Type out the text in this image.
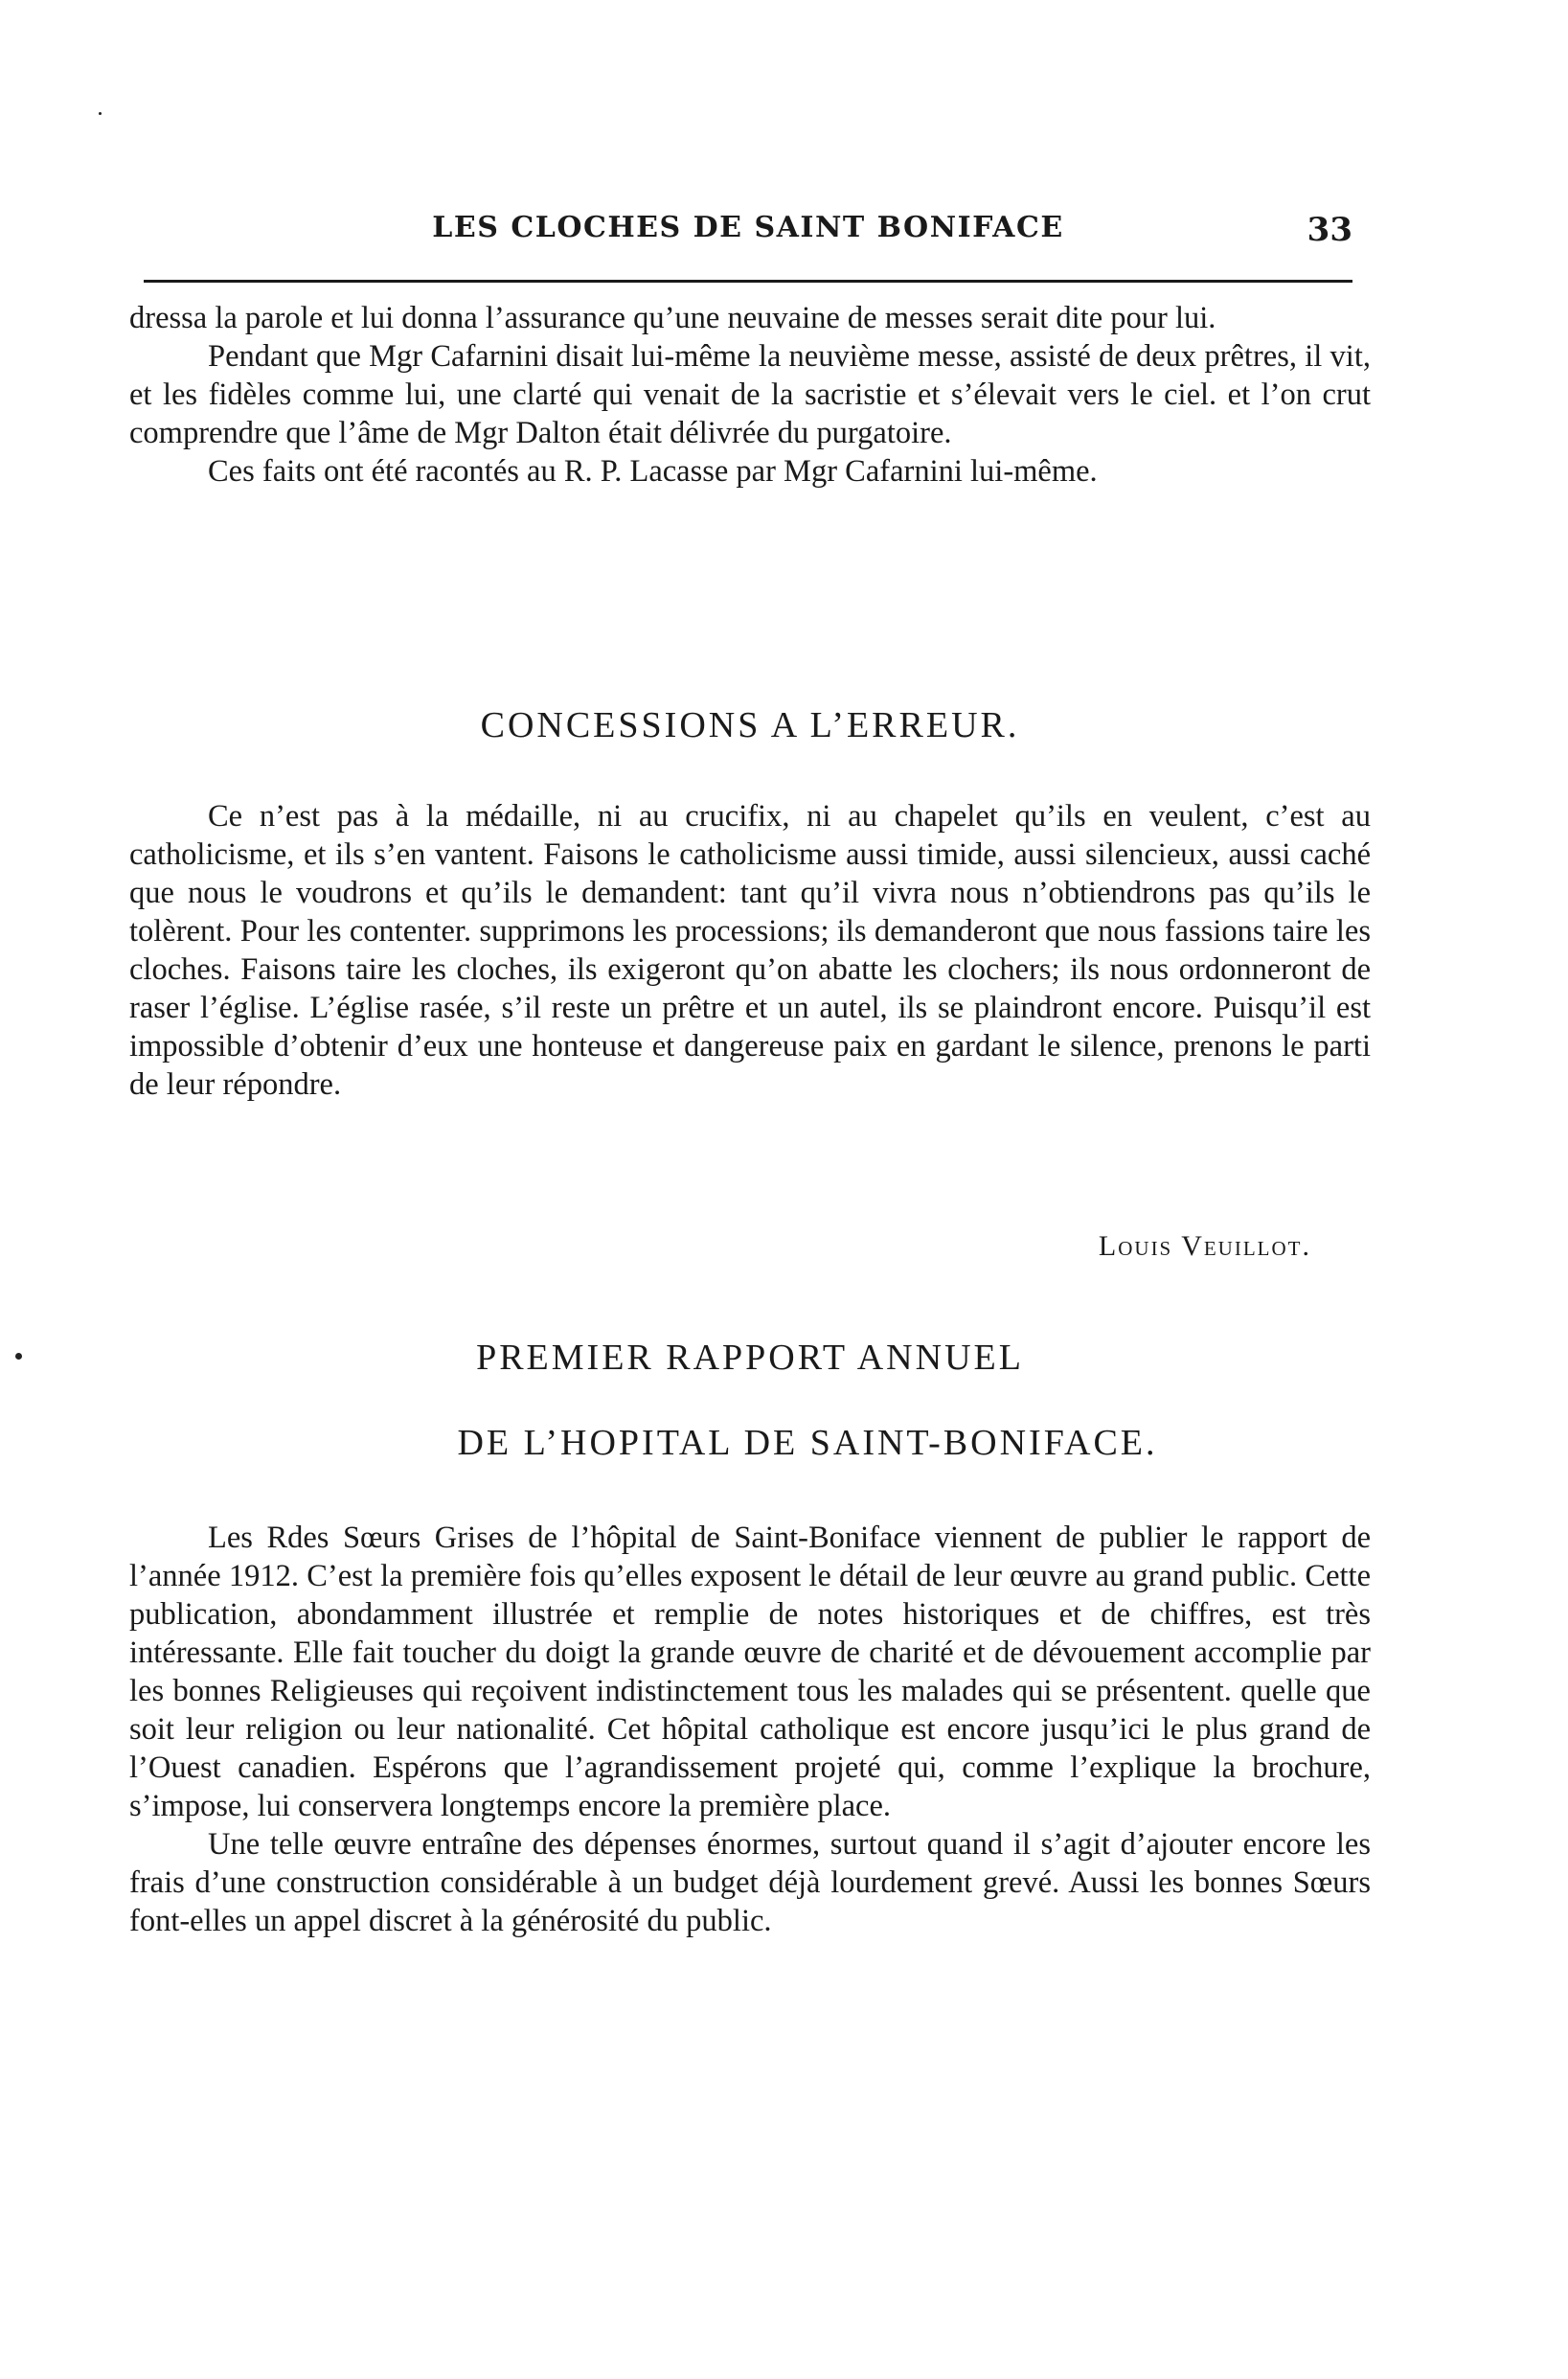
LES CLOCHES DE SAINT BONIFACE	33

dressa la parole et lui donna l’assurance qu’une neuvaine de messes serait dite pour lui.

Pendant que Mgr Cafarnini disait lui-même la neuvième messe, assisté de deux prêtres, il vit, et les fidèles comme lui, une clarté qui venait de la sacristie et s’élevait vers le ciel. et l’on crut comprendre que l’âme de Mgr Dalton était délivrée du purgatoire.

Ces faits ont été racontés au R. P. Lacasse par Mgr Cafarnini lui-même.

CONCESSIONS A L’ERREUR.

Ce n’est pas à la médaille, ni au crucifix, ni au chapelet qu’ils en veulent, c’est au catholicisme, et ils s’en vantent. Faisons le catholicisme aussi timide, aussi silencieux, aussi caché que nous le voudrons et qu’ils le demandent: tant qu’il vivra nous n’obtiendrons pas qu’ils le tolèrent. Pour les contenter. supprimons les processions; ils demanderont que nous fassions taire les cloches. Faisons taire les cloches, ils exigeront qu’on abatte les clochers; ils nous ordonneront de raser l’église. L’église rasée, s’il reste un prêtre et un autel, ils se plaindront encore. Puisqu’il est impossible d’obtenir d’eux une honteuse et dangereuse paix en gardant le silence, prenons le parti de leur répondre.

Louis Veuillot.
PREMIER RAPPORT ANNUEL
DE L’HOPITAL DE SAINT-BONIFACE.

Les Rdes Sœurs Grises de l’hôpital de Saint-Boniface viennent de publier le rapport de l’année 1912. C’est la première fois qu’elles exposent le détail de leur œuvre au grand public. Cette publication, abondamment illustrée et remplie de notes historiques et de chiffres, est très intéressante. Elle fait toucher du doigt la grande œuvre de charité et de dévouement accomplie par les bonnes Religieuses qui reçoivent indistinctement tous les malades qui se présentent. quelle que soit leur religion ou leur nationalité. Cet hôpital catholique est encore jusqu’ici le plus grand de l’Ouest canadien. Espérons que l’agrandissement projeté qui, comme l’explique la brochure, s’impose, lui conservera longtemps encore la première place.

Une telle œuvre entraîne des dépenses énormes, surtout quand il s’agit d’ajouter encore les frais d’une construction considérable à un budget déjà lourdement grevé. Aussi les bonnes Sœurs font-elles un appel discret à la générosité du public.
